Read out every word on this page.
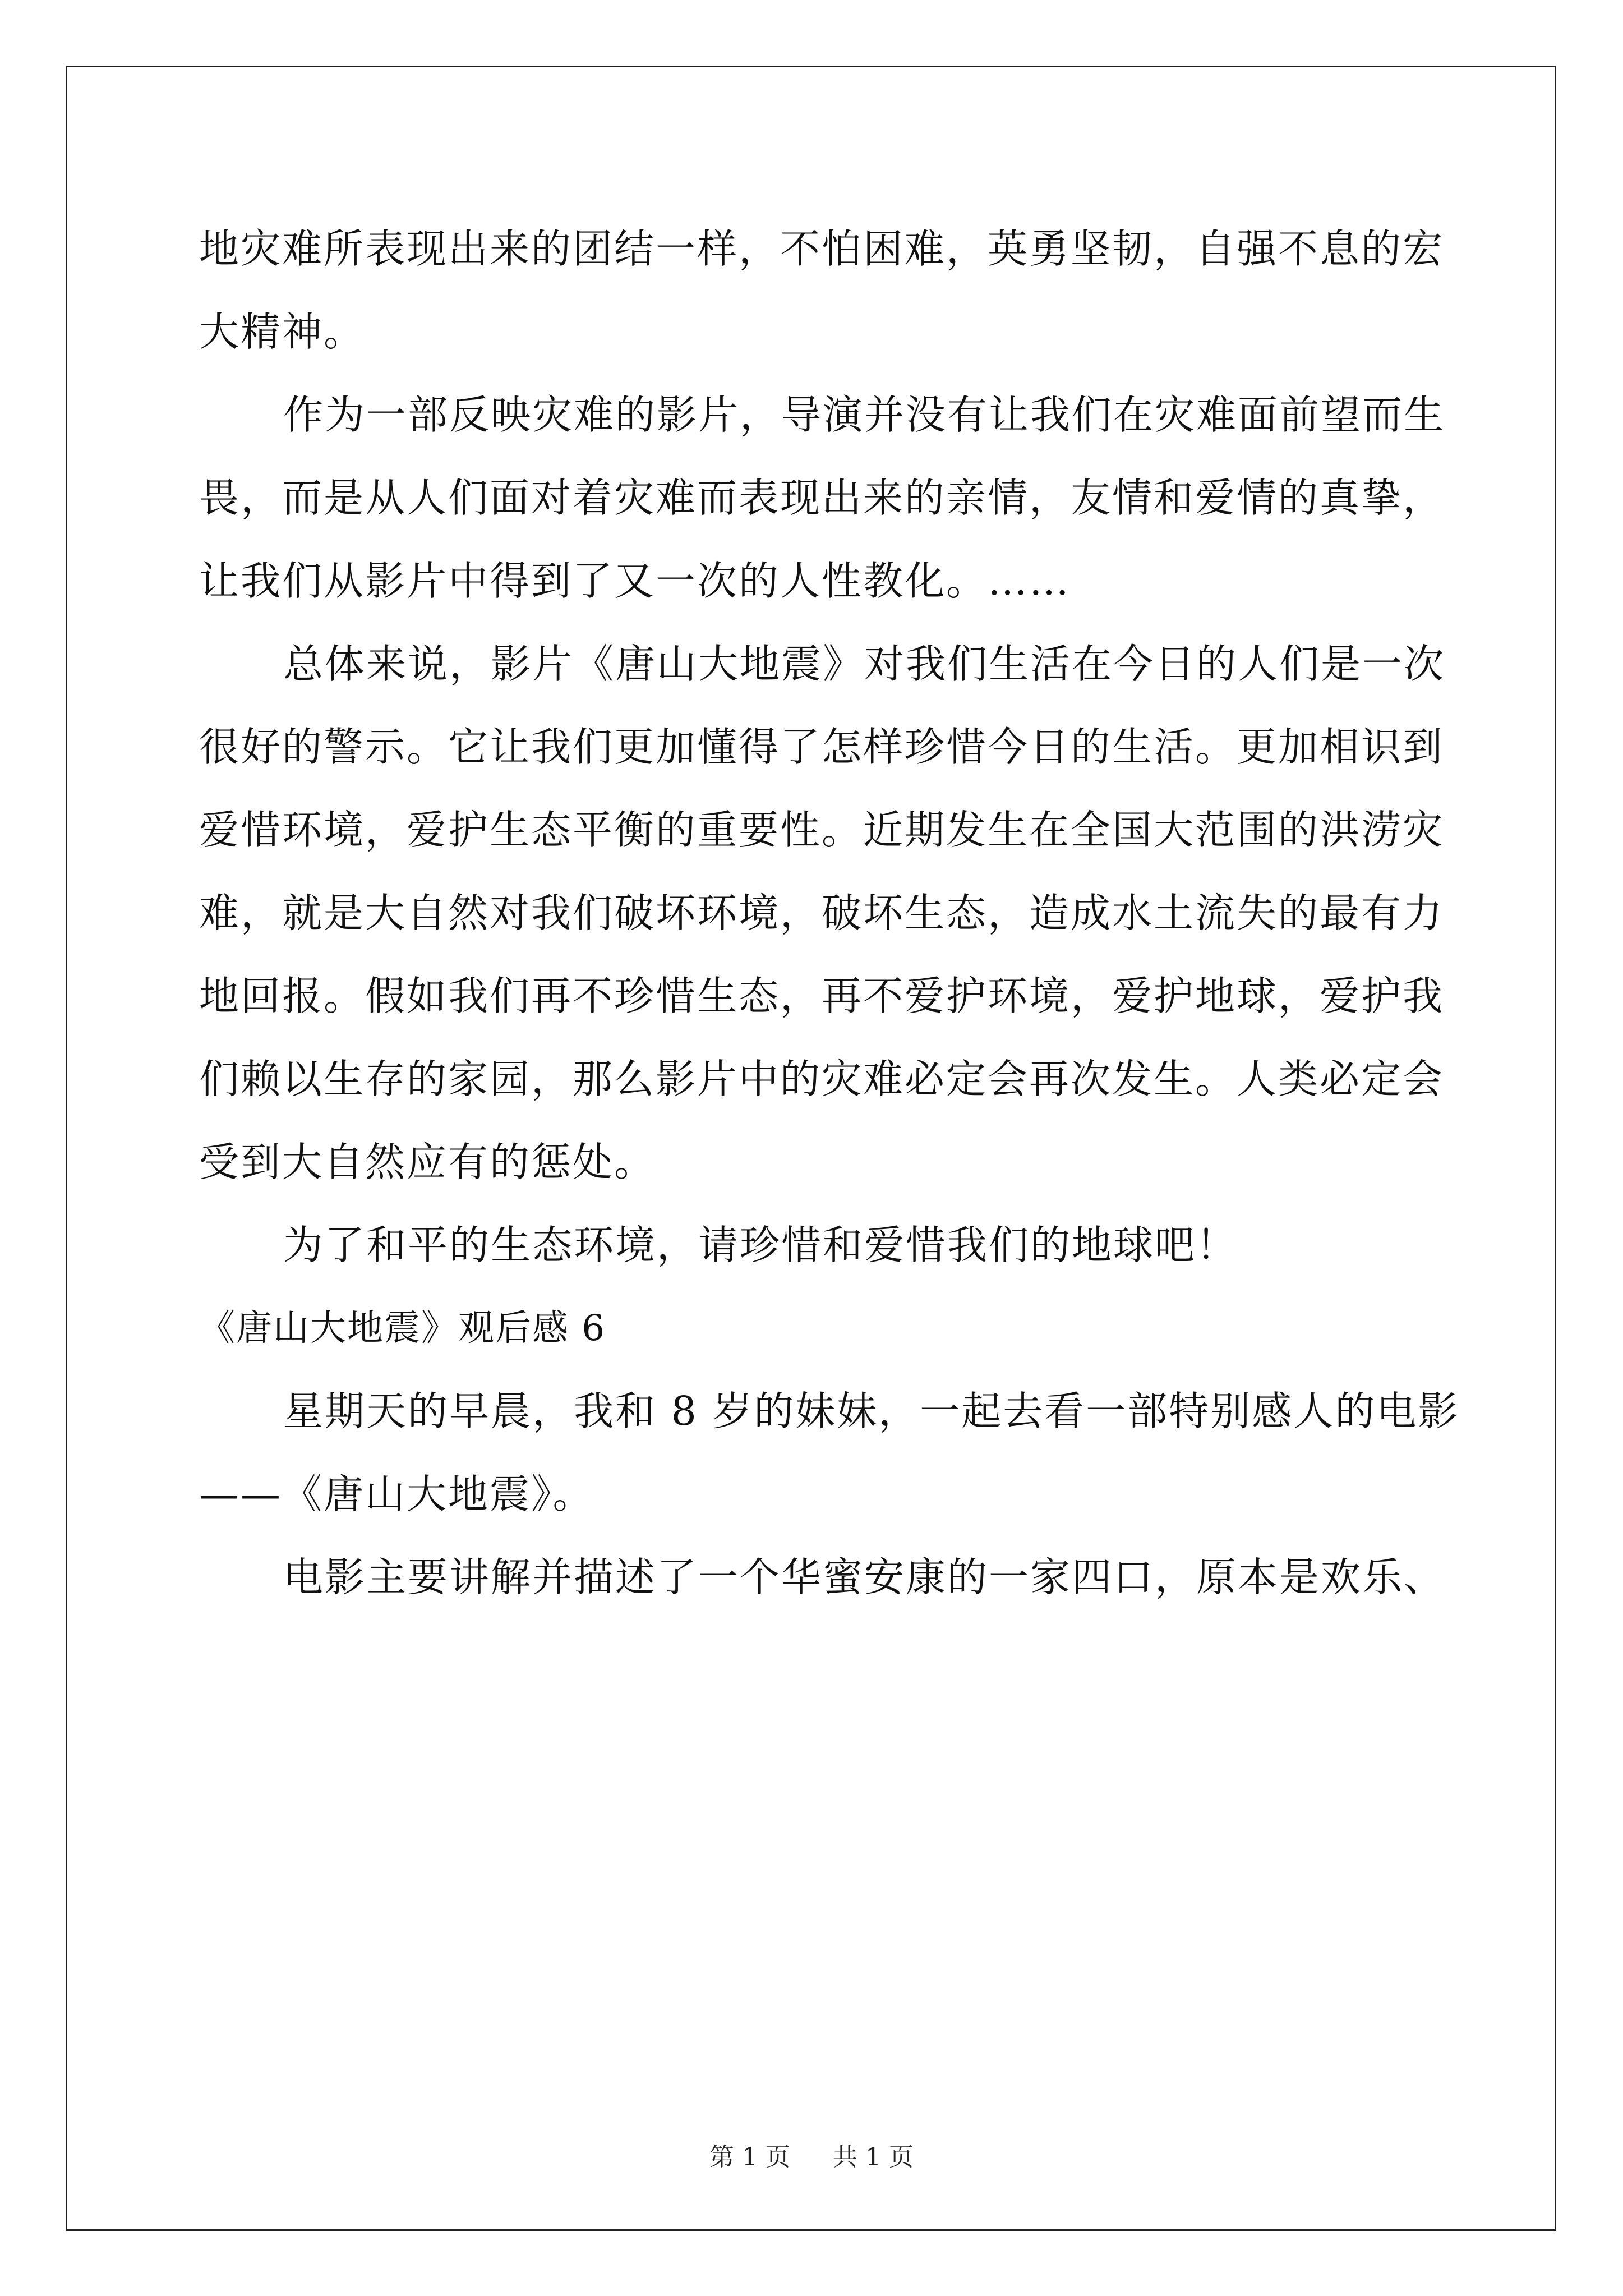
地灾难所表现出来的团结一样，不怕困难，英勇坚韧，自强不息的宏
大精神。
作为一部反映灾难的影片，导演并没有让我们在灾难面前望而生
畏，而是从人们面对着灾难而表现出来的亲情，友情和爱情的真挚，
让我们从影片中得到了又一次的人性教化。……
总体来说，影片《唐山大地震》对我们生活在今日的人们是一次
很好的警示。它让我们更加懂得了怎样珍惜今日的生活。更加相识到
爱惜环境，爱护生态平衡的重要性。近期发生在全国大范围的洪涝灾
难，就是大自然对我们破坏环境，破坏生态，造成水土流失的最有力
地回报。假如我们再不珍惜生态，再不爱护环境，爱护地球，爱护我
们赖以生存的家园，那么影片中的灾难必定会再次发生。人类必定会
受到大自然应有的惩处。
为了和平的生态环境，请珍惜和爱惜我们的地球吧！
《唐山大地震》观后感 6
星期天的早晨，我和 8 岁的妹妹，一起去看一部特别感人的电影
——《唐山大地震》。
电影主要讲解并描述了一个华蜜安康的一家四口，原本是欢乐、
第 1 页 共 1 页
